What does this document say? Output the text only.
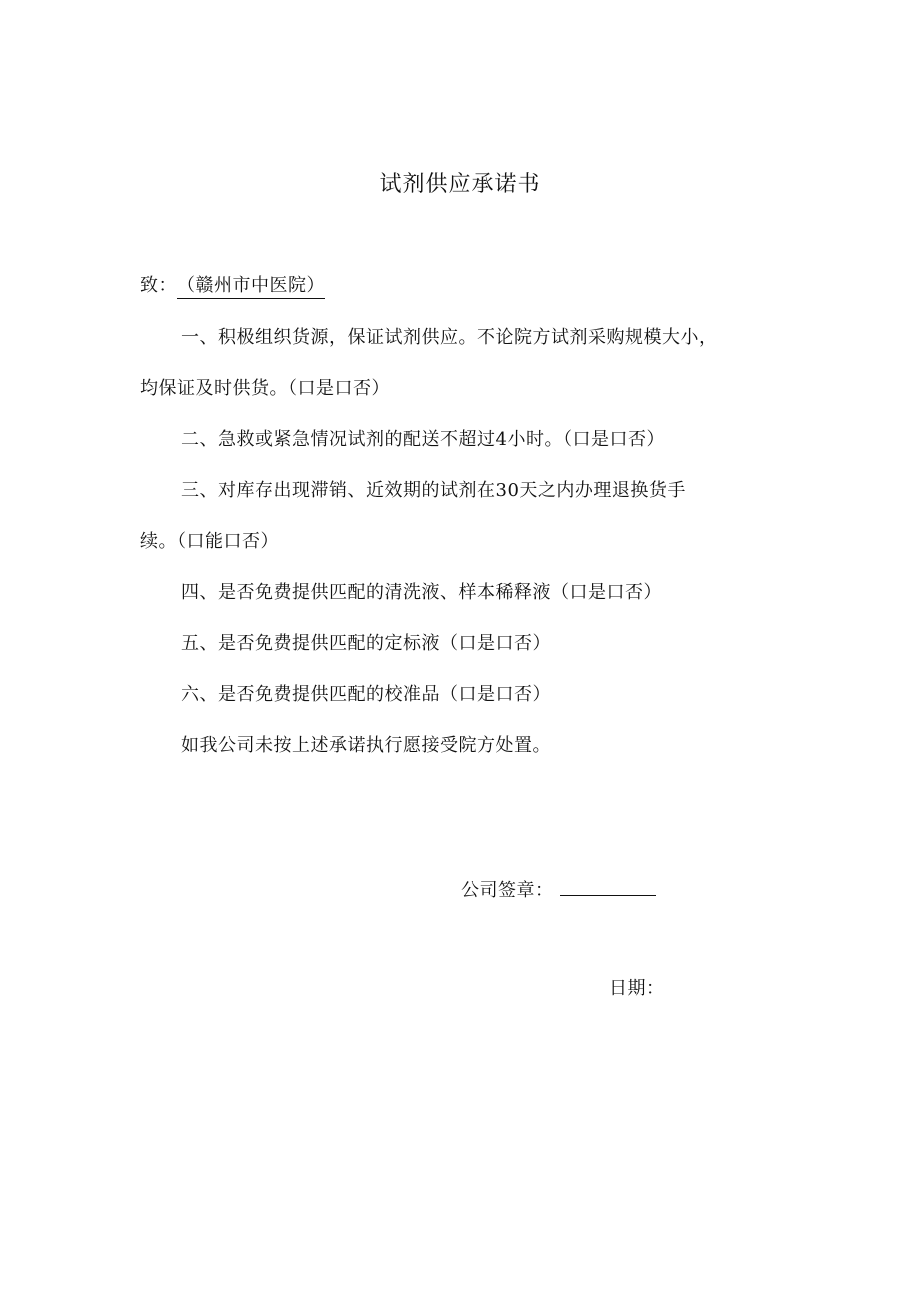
试剂供应承诺书
致：（赣州市中医院）
一、积极组织货源，保证试剂供应。不论院方试剂采购规模大小，
均保证及时供货。（口是口否）
二、急救或紧急情况试剂的配送不超过4小时。（口是口否）
三、对库存出现滞销、近效期的试剂在30天之内办理退换货手
续。（口能口否）
四、是否免费提供匹配的清洗液、样本稀释液（口是口否）
五、是否免费提供匹配的定标液（口是口否）
六、是否免费提供匹配的校准品（口是口否）
如我公司未按上述承诺执行愿接受院方处置。
公司签章：
日期：
